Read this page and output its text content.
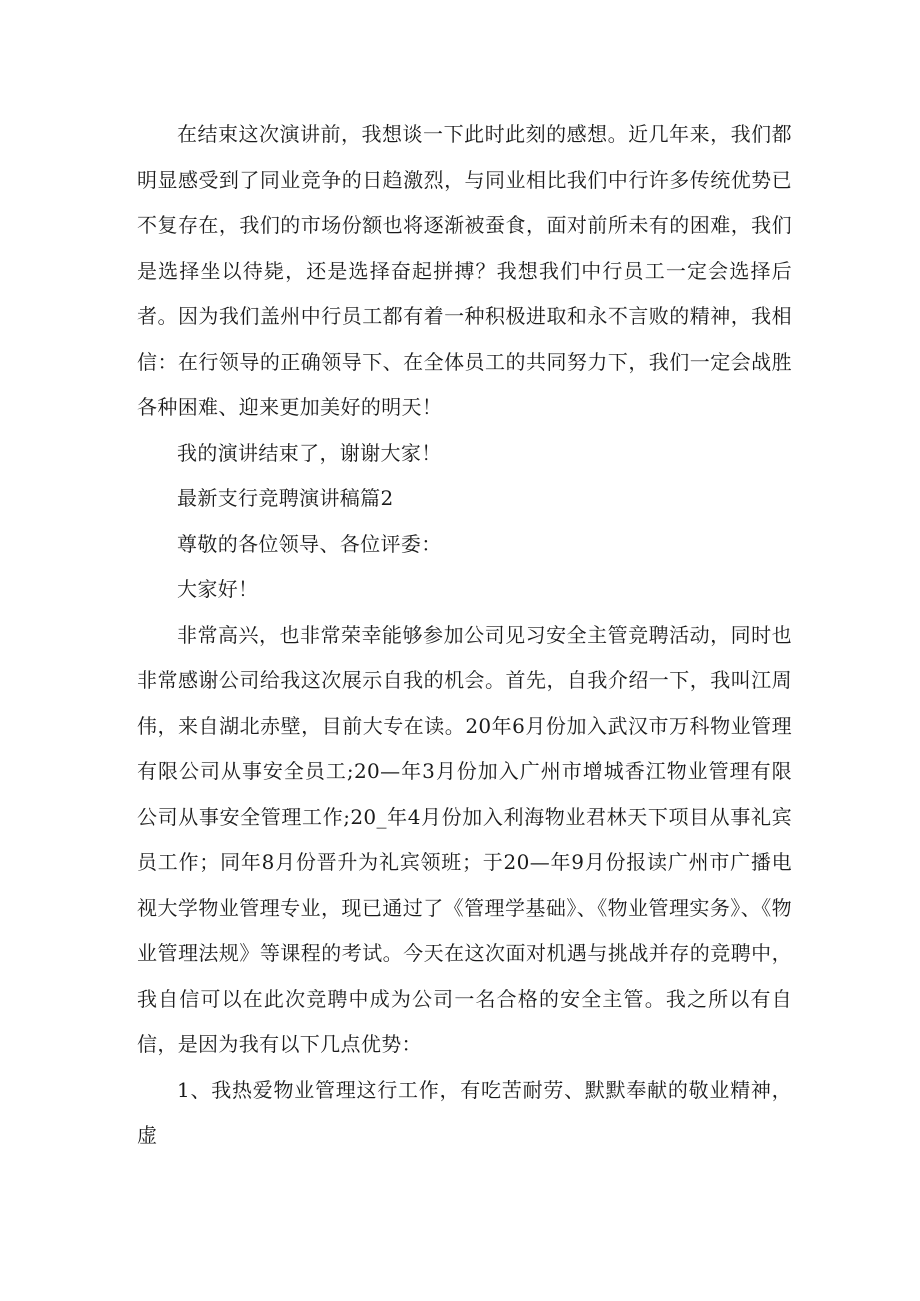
在结束这次演讲前，我想谈一下此时此刻的感想。近几年来，我们都明显感受到了同业竞争的日趋激烈，与同业相比我们中行许多传统优势已不复存在，我们的市场份额也将逐渐被蚕食，面对前所未有的困难，我们是选择坐以待毙，还是选择奋起拼搏？我想我们中行员工一定会选择后者。因为我们盖州中行员工都有着一种积极进取和永不言败的精神，我相信：在行领导的正确领导下、在全体员工的共同努力下，我们一定会战胜各种困难、迎来更加美好的明天！

我的演讲结束了，谢谢大家！

最新支行竞聘演讲稿篇2

尊敬的各位领导、各位评委：

大家好！

非常高兴，也非常荣幸能够参加公司见习安全主管竞聘活动，同时也非常感谢公司给我这次展示自我的机会。首先，自我介绍一下，我叫江周伟，来自湖北赤壁，目前大专在读。20年6月份加入武汉市万科物业管理有限公司从事安全员工;20—年3月份加入广州市增城香江物业管理有限公司从事安全管理工作;20_年4月份加入利海物业君林天下项目从事礼宾员工作；同年8月份晋升为礼宾领班；于20—年9月份报读广州市广播电视大学物业管理专业，现已通过了《管理学基础》、《物业管理实务》、《物业管理法规》等课程的考试。今天在这次面对机遇与挑战并存的竞聘中，我自信可以在此次竞聘中成为公司一名合格的安全主管。我之所以有自信，是因为我有以下几点优势：

1、我热爱物业管理这行工作，有吃苦耐劳、默默奉献的敬业精神，虚
